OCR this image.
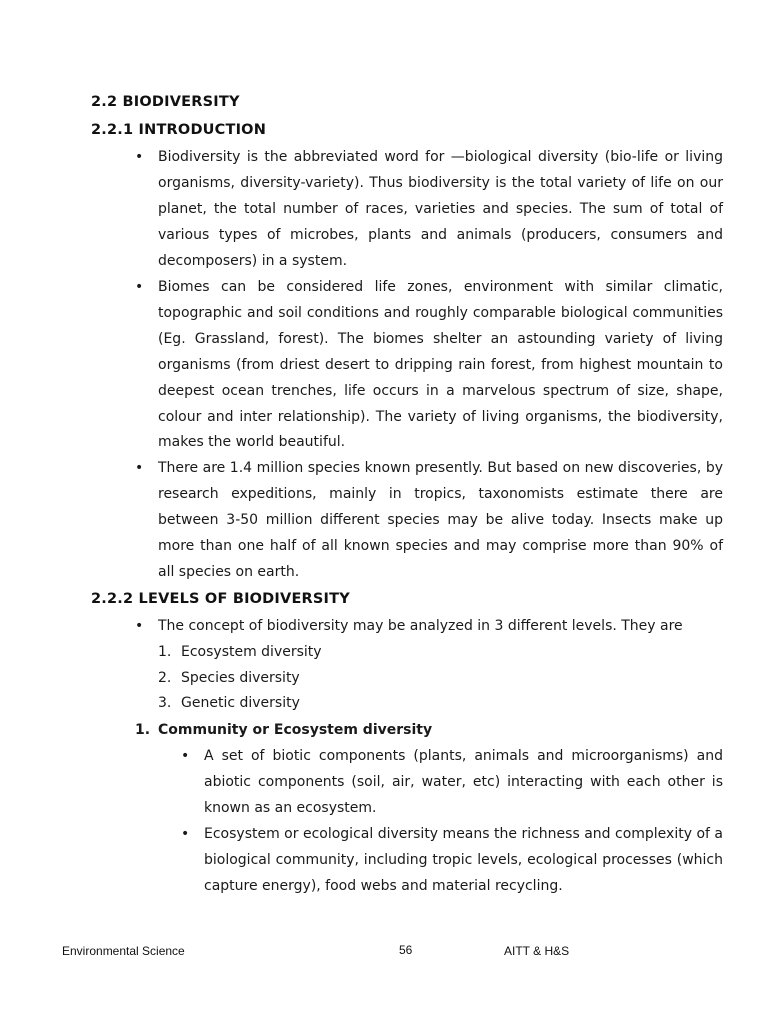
2.2 BIODIVERSITY
2.2.1 INTRODUCTION
• Biodiversity is the abbreviated word for —biological diversity (bio-life or living organisms, diversity-variety). Thus biodiversity is the total variety of life on our planet, the total number of races, varieties and species. The sum of total of various types of microbes, plants and animals (producers, consumers and decomposers) in a system.

• Biomes can be considered life zones, environment with similar climatic, topographic and soil conditions and roughly comparable biological communities (Eg. Grassland, forest). The biomes shelter an astounding variety of living organisms (from driest desert to dripping rain forest, from highest mountain to deepest ocean trenches, life occurs in a marvelous spectrum of size, shape, colour and inter relationship). The variety of living organisms, the biodiversity, makes the world beautiful.

• There are 1.4 million species known presently. But based on new discoveries, by research expeditions, mainly in tropics, taxonomists estimate there are between 3-50 million different species may be alive today. Insects make up more than one half of all known species and may comprise more than 90% of all species on earth.

2.2.2 LEVELS OF BIODIVERSITY
• The concept of biodiversity may be analyzed in 3 different levels. They are

1. Ecosystem diversity
2. Species diversity
3. Genetic diversity
1. Community or Ecosystem diversity
• A set of biotic components (plants, animals and microorganisms) and abiotic components (soil, air, water, etc) interacting with each other is known as an ecosystem.

• Ecosystem or ecological diversity means the richness and complexity of a biological community, including tropic levels, ecological processes (which capture energy), food webs and material recycling.

Environmental Science	56	AITT & H&S
